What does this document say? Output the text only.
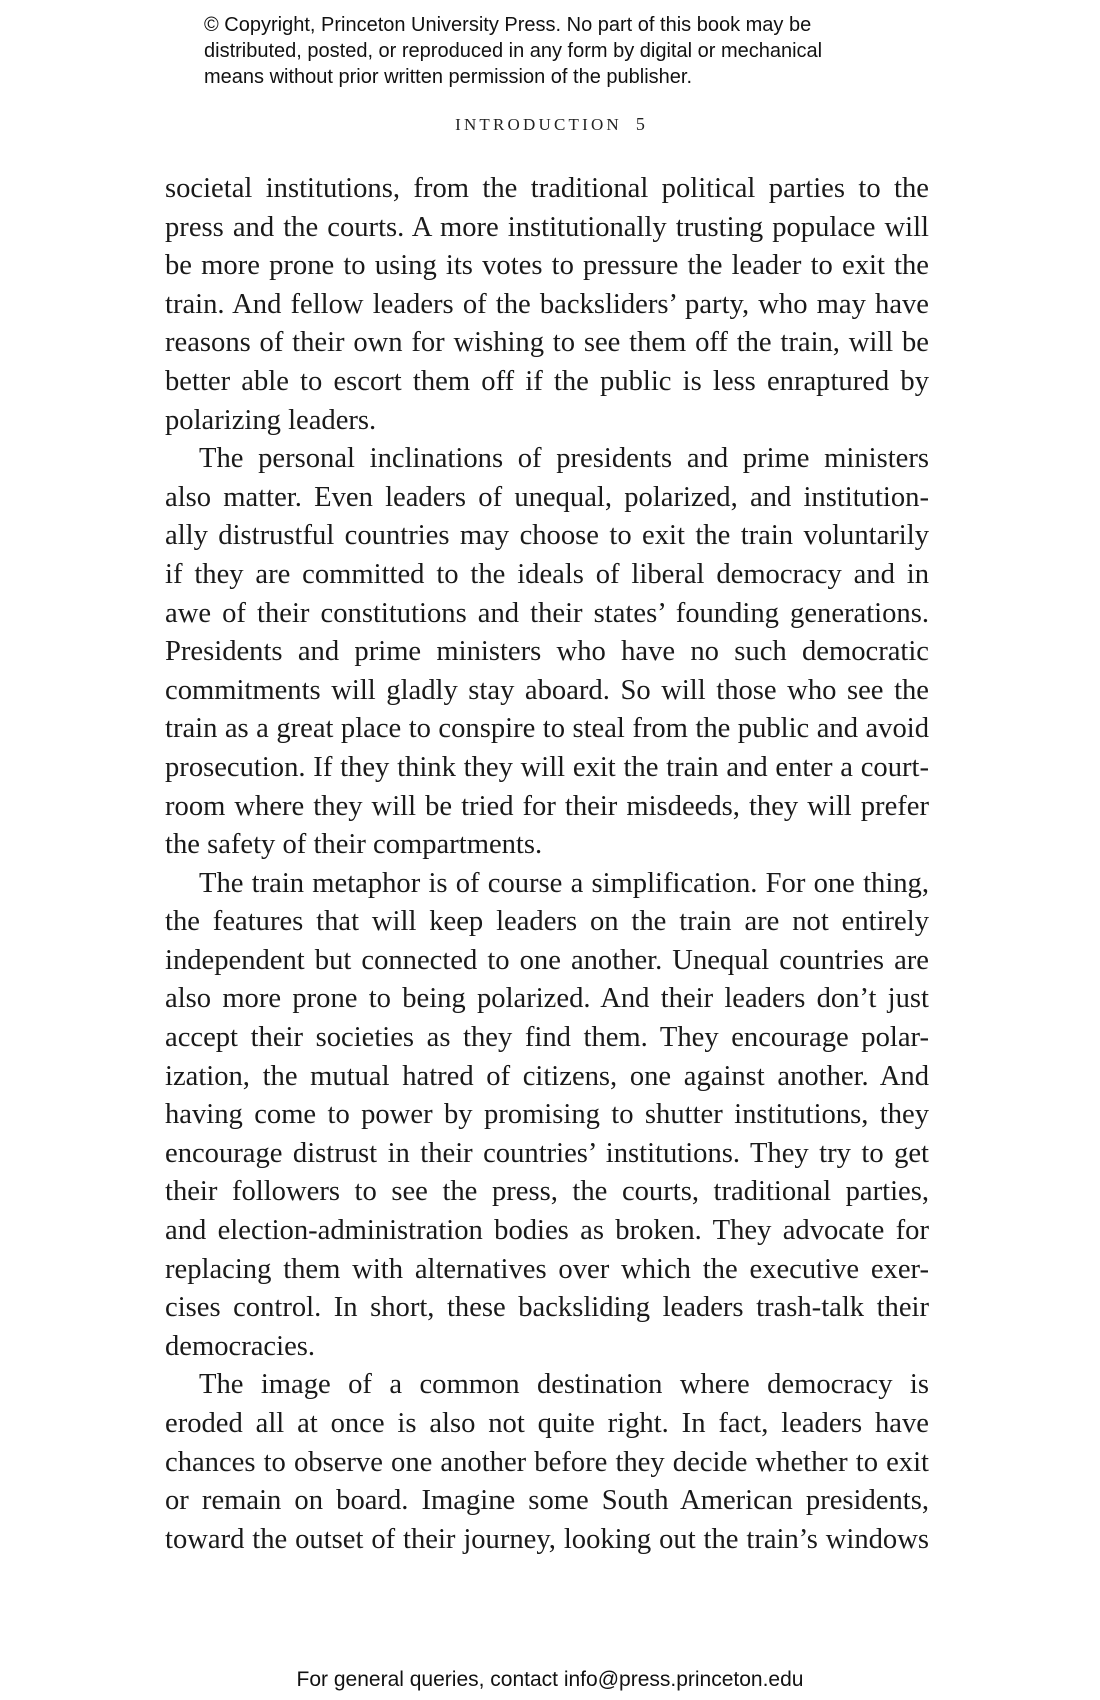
© Copyright, Princeton University Press. No part of this book may be
distributed, posted, or reproduced in any form by digital or mechanical
means without prior written permission of the publisher.
INTRODUCTION 5
societal institutions, from the traditional political parties to the
press and the courts. A more institutionally trusting populace will
be more prone to using its votes to pressure the leader to exit the
train. And fellow leaders of the backsliders’ party, who may have
reasons of their own for wishing to see them off the train, will be
better able to escort them off if the public is less enraptured by
polarizing leaders.
The personal inclinations of presidents and prime ministers
also matter. Even leaders of unequal, polarized, and institution-
ally distrustful countries may choose to exit the train voluntarily
if they are committed to the ideals of liberal democracy and in
awe of their constitutions and their states’ founding generations.
Presidents and prime ministers who have no such democratic
commitments will gladly stay aboard. So will those who see the
train as a great place to conspire to steal from the public and avoid
prosecution. If they think they will exit the train and enter a court-
room where they will be tried for their misdeeds, they will prefer
the safety of their compartments.
The train metaphor is of course a simplification. For one thing,
the features that will keep leaders on the train are not entirely
independent but connected to one another. Unequal countries are
also more prone to being polarized. And their leaders don’t just
accept their societies as they find them. They encourage polar-
ization, the mutual hatred of citizens, one against another. And
having come to power by promising to shutter institutions, they
encourage distrust in their countries’ institutions. They try to get
their followers to see the press, the courts, traditional parties,
and election-administration bodies as broken. They advocate for
replacing them with alternatives over which the executive exer-
cises control. In short, these backsliding leaders trash-talk their
democracies.
The image of a common destination where democracy is
eroded all at once is also not quite right. In fact, leaders have
chances to observe one another before they decide whether to exit
or remain on board. Imagine some South American presidents,
toward the outset of their journey, looking out the train’s windows
For general queries, contact info@press.princeton.edu
